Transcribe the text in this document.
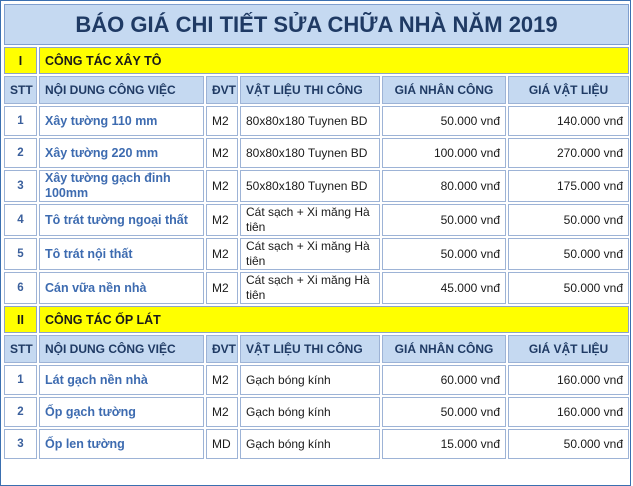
BÁO GIÁ CHI TIẾT SỬA CHỮA NHÀ NĂM 2019					
I	CÔNG TÁC XÂY TÔ				
STT	NỘI DUNG CÔNG VIỆC	ĐVT	VẬT LIỆU THI CÔNG	GIÁ NHÂN CÔNG	GIÁ VẬT LIỆU
1	Xây tường 110 mm	M2	80x80x180 Tuynen BD	50.000 vnđ	140.000 vnđ
2	Xây tường 220 mm	M2	80x80x180 Tuynen BD	100.000 vnđ	270.000 vnđ
3	Xây tường gạch đinh 100mm	M2	50x80x180 Tuynen BD	80.000 vnđ	175.000 vnđ
4	Tô trát tường ngoại thất	M2	Cát sạch + Xi măng Hà tiên	50.000 vnđ	50.000 vnđ
5	Tô trát nội thất	M2	Cát sạch + Xi măng Hà tiên	50.000 vnđ	50.000 vnđ
6	Cán vữa nền nhà	M2	Cát sạch + Xi măng Hà tiên	45.000 vnđ	50.000 vnđ
II	CÔNG TÁC ỐP LÁT				
STT	NỘI DUNG CÔNG VIỆC	ĐVT	VẬT LIỆU THI CÔNG	GIÁ NHÂN CÔNG	GIÁ VẬT LIỆU
1	Lát gạch nền nhà	M2	Gạch bóng kính	60.000 vnđ	160.000 vnđ
2	Ốp gạch tường	M2	Gạch bóng kính	50.000 vnđ	160.000 vnđ
3	Ốp len tường	MD	Gạch bóng kính	15.000 vnđ	50.000 vnđ
